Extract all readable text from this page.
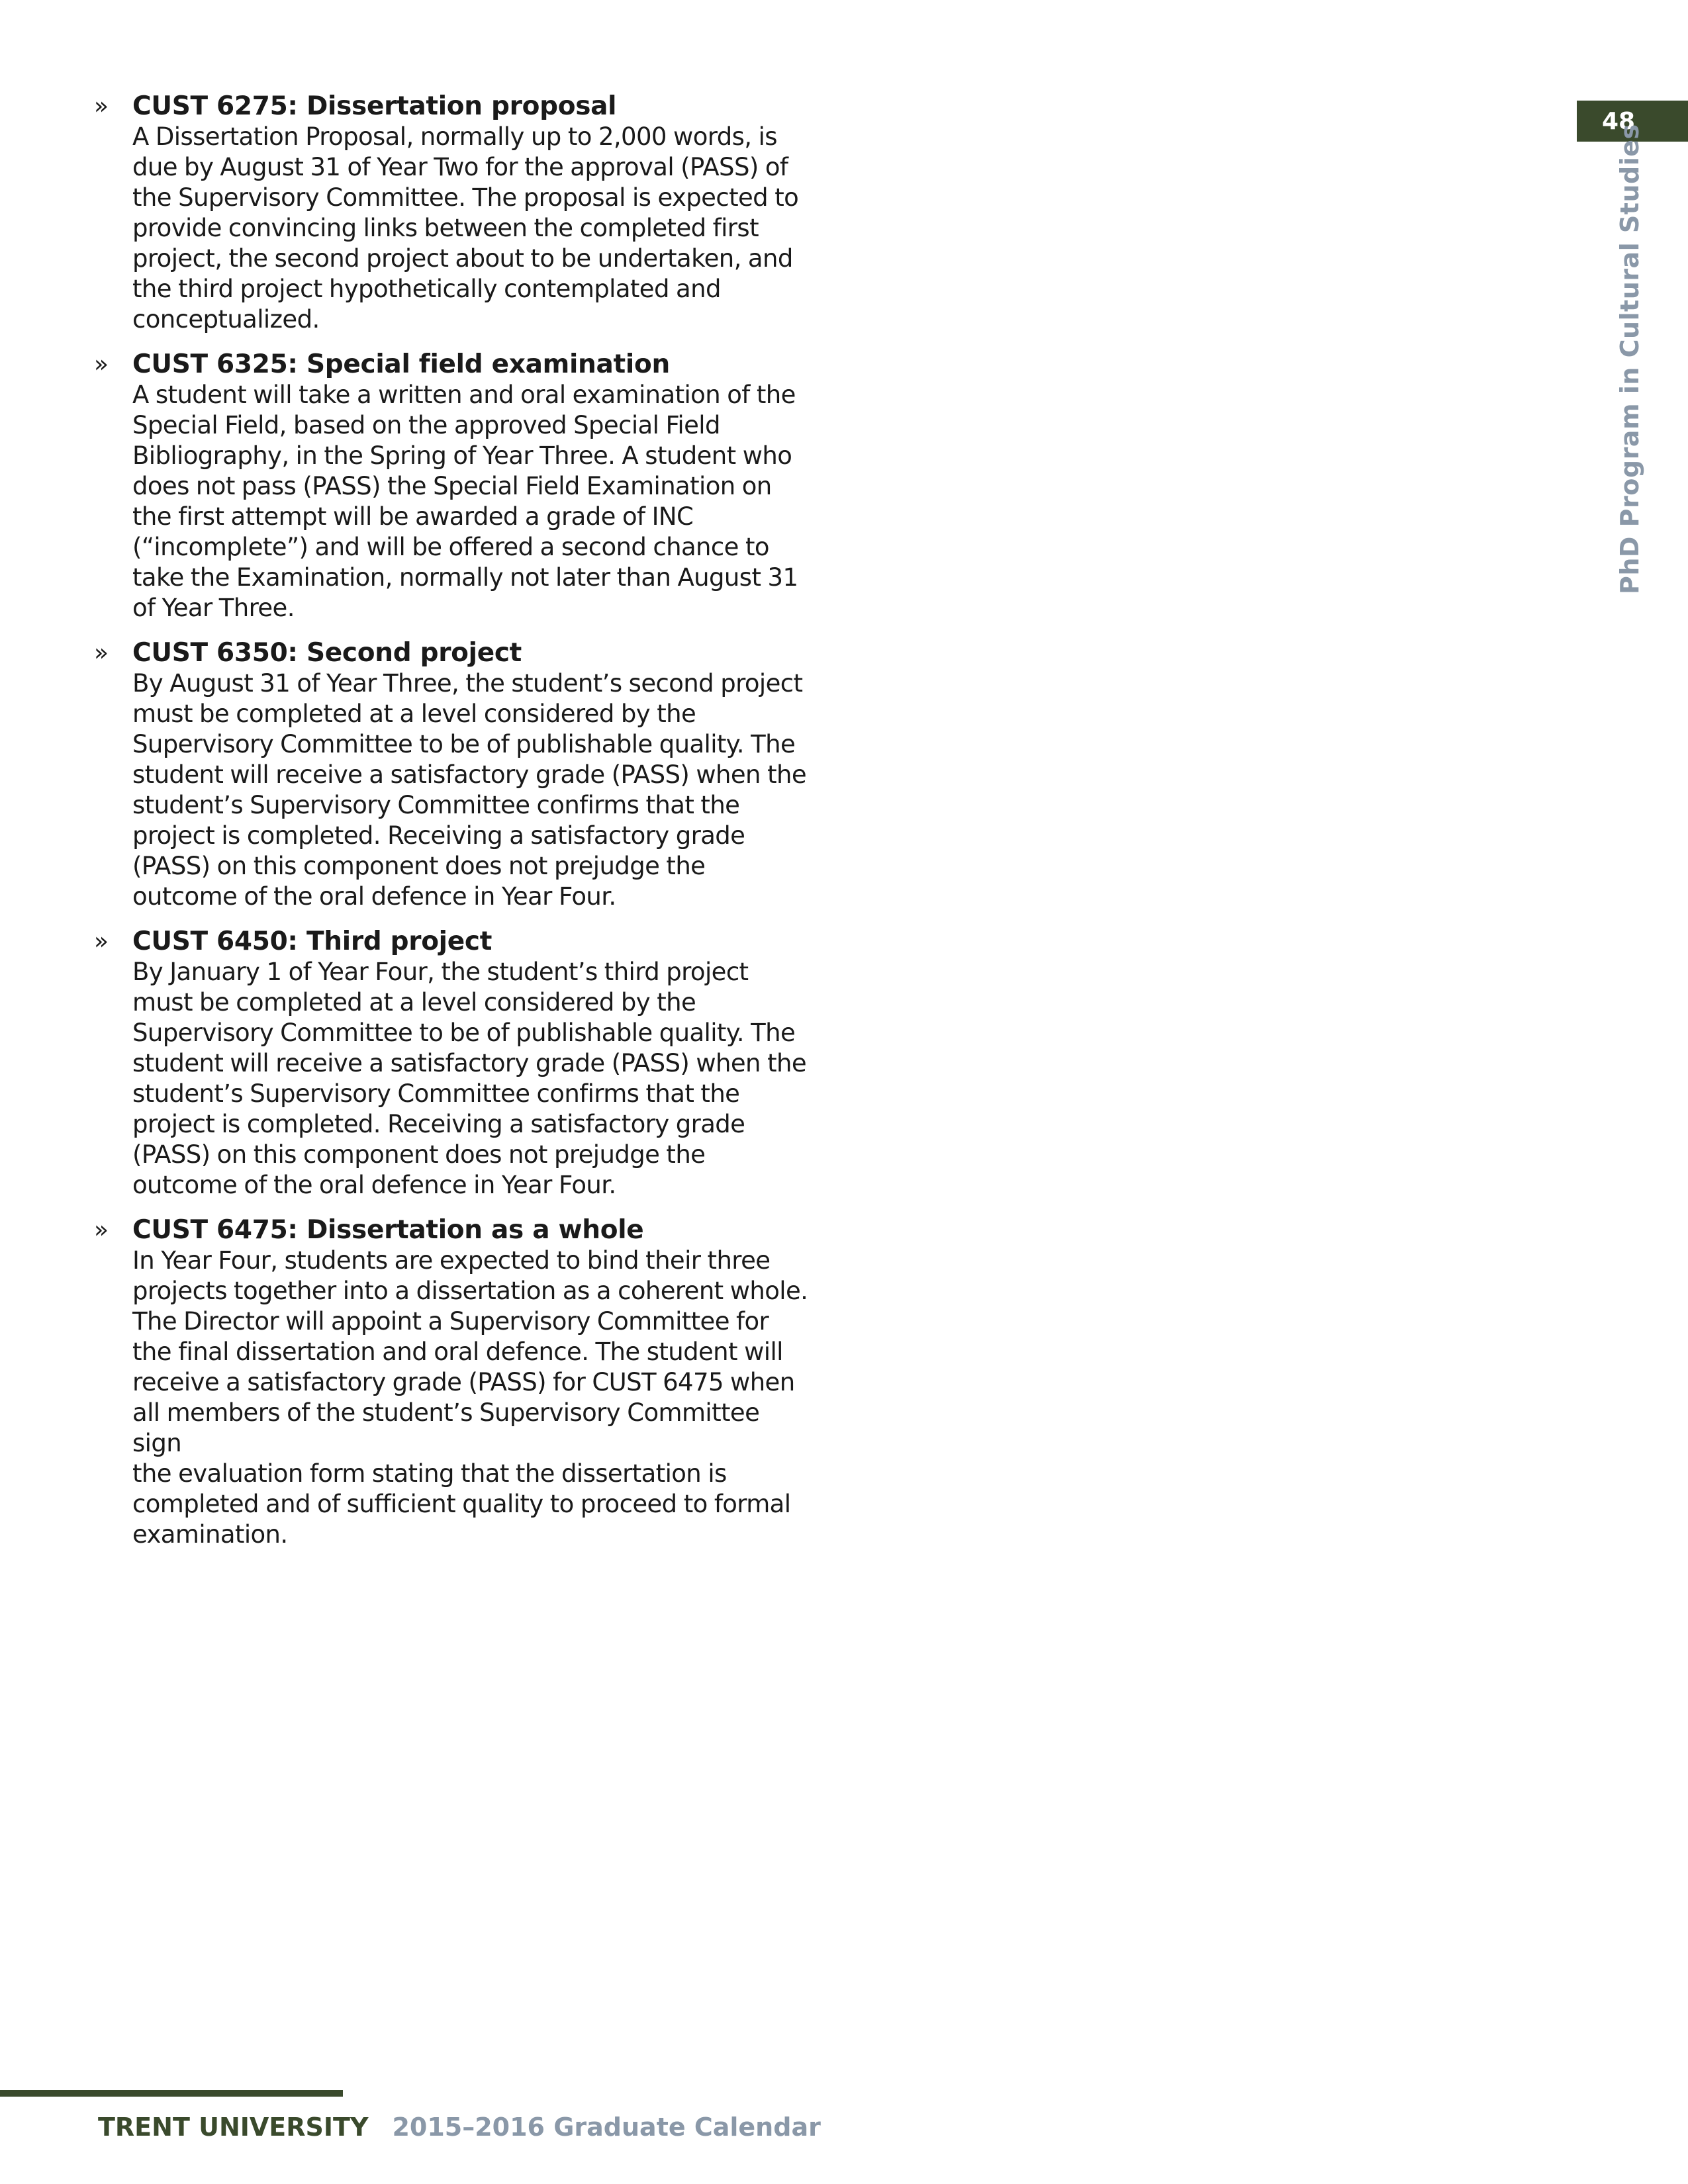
» CUST 6275: Dissertation proposal
A Dissertation Proposal, normally up to 2,000 words, is
due by August 31 of Year Two for the approval (PASS) of
the Supervisory Committee. The proposal is expected to
provide convincing links between the completed first
project, the second project about to be undertaken, and
the third project hypothetically contemplated and
conceptualized.
» CUST 6325: Special field examination
A student will take a written and oral examination of the
Special Field, based on the approved Special Field
Bibliography, in the Spring of Year Three. A student who
does not pass (PASS) the Special Field Examination on
the first attempt will be awarded a grade of INC
(“incomplete”) and will be offered a second chance to
take the Examination, normally not later than August 31
of Year Three.
» CUST 6350: Second project
By August 31 of Year Three, the student’s second project
must be completed at a level considered by the
Supervisory Committee to be of publishable quality. The
student will receive a satisfactory grade (PASS) when the
student’s Supervisory Committee confirms that the
project is completed. Receiving a satisfactory grade
(PASS) on this component does not prejudge the
outcome of the oral defence in Year Four.
» CUST 6450: Third project
By January 1 of Year Four, the student’s third project
must be completed at a level considered by the
Supervisory Committee to be of publishable quality. The
student will receive a satisfactory grade (PASS) when the
student’s Supervisory Committee confirms that the
project is completed. Receiving a satisfactory grade
(PASS) on this component does not prejudge the
outcome of the oral defence in Year Four.
» CUST 6475: Dissertation as a whole
In Year Four, students are expected to bind their three
projects together into a dissertation as a coherent whole.
The Director will appoint a Supervisory Committee for
the final dissertation and oral defence. The student will
receive a satisfactory grade (PASS) for CUST 6475 when
all members of the student’s Supervisory Committee sign
the evaluation form stating that the dissertation is
completed and of sufficient quality to proceed to formal
examination.
48
PhD Program in Cultural Studies
TRENT UNIVERSITY 2015–2016 Graduate Calendar
